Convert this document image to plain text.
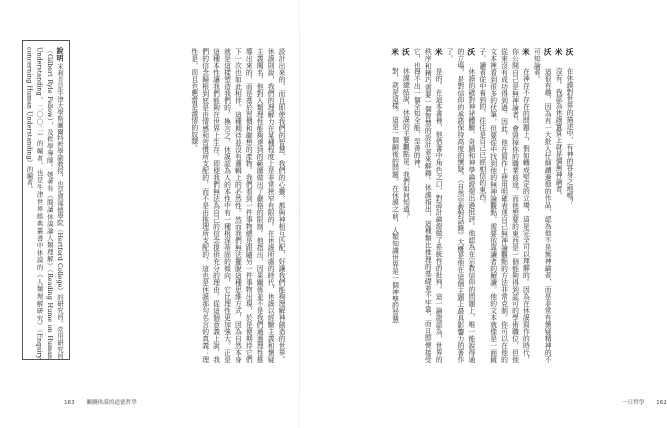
設計出來的，而且即使我們的智慧、我們的心靈、都與神相互匹配，好讓我們能夠理解神創造的世界。休謨則說，我們的理解力在某種程度上是非常狹窄有限的。在休謨所處的時代，休謨以經驗主義和懷疑主義聞名，他對人類理性能夠達到的範圍做出了嚴格的限制。他指出，因果關係並不是我們通過理性推導出來的，而是基於習慣和聯想的產物。我們看到一件事物總是跟隨另一件事物出現，於是便期待它們下一次也如此相伴。這種期待並沒有邏輯上的必然性。然而我們無法擺脫這種思維方式，因為自然本身就是這樣塑造我們的。換言之，休謨認為人的本性中有一種根深蒂固的傾向，它比理性更加強大。正是這種本性讓我們能夠在世界上生存，即便我們無法為自己的信念提供充分的理由。從這個意義上說，我們的信念歸根到底是由情感和習慣所支配的，而不是由推理所支配的。這也是休謨那句名言的真義：理性是，而且也應當是激情的奴隸。
說明 米利肯是牛津大學斯圖爾特哲學副教授，也是賀福德學院（Hertford College）的研究員。常用研究員（Gilbert Ryle Fellow），及哲學導師。她著有《閱讀休謨論人類理解》（Reading Hume on Human Understanding，二〇〇二）的編者，也是牛津世界經典叢書中休謨的《人類理解研究》（Enquiry concerning Human Understanding）的編者。
163 關聯休謨的道德哲學
沃　在休謨對世界的描述中，有神的容身之地嗎？
米　沒有。我認為休謨實質上就是個無神論者。
沃　這很有趣，因為有一大批人仔細讀過他的作品，認為他不是無神論者，而是非常有懷疑精神的不可知論者。
米　在神存不存在的問題上，假如轉成堅定的立場，這是完全可以理解的。因為在休謨寫作的時代，你公開自己是無神論者，會毀掉你的職業前途，而他想要的東西是一個能夠得到認可的學術職位，但他從來沒有成功得到過。因此，他在寫作上使用明確表達自己無神論觀點的方法非常克制。你可以在他的文本裡看到很多的伏筆，但要從中找到他的無神論觀點，需要依靠讀者的解讀。他的文本就像是一面鏡子，讀者從中看到的，往往是自己已經相信的東西。
沃　休謨的確對神祕體驗、奇蹟和神學論證提出過批評。他認為在宗教信仰的問題上，唯一能說得通的立場，是對信仰的承諾保持高度的懷疑。《自然宗教對話錄》大概是他在這個主題上最具影響力的著作了。
米　是的。在這本書裡，他借書中角色之口，對設計論證做了系統性的批判。這一論證認為，世界的秩序和精巧需要一個智慧的設計者來解釋。休謨指出，這種類比推理的基礎並不牢靠，而且即便接受它，也得不出一個全知全能、至善的神。
沃　休謨總結說，休謨的主要觀點是：我們如何知道？
米　對，就是這樣。這是一個嗣後的問題，在休謨之前，人類知識世界是一個神聖的智慧
一日哲學 162
